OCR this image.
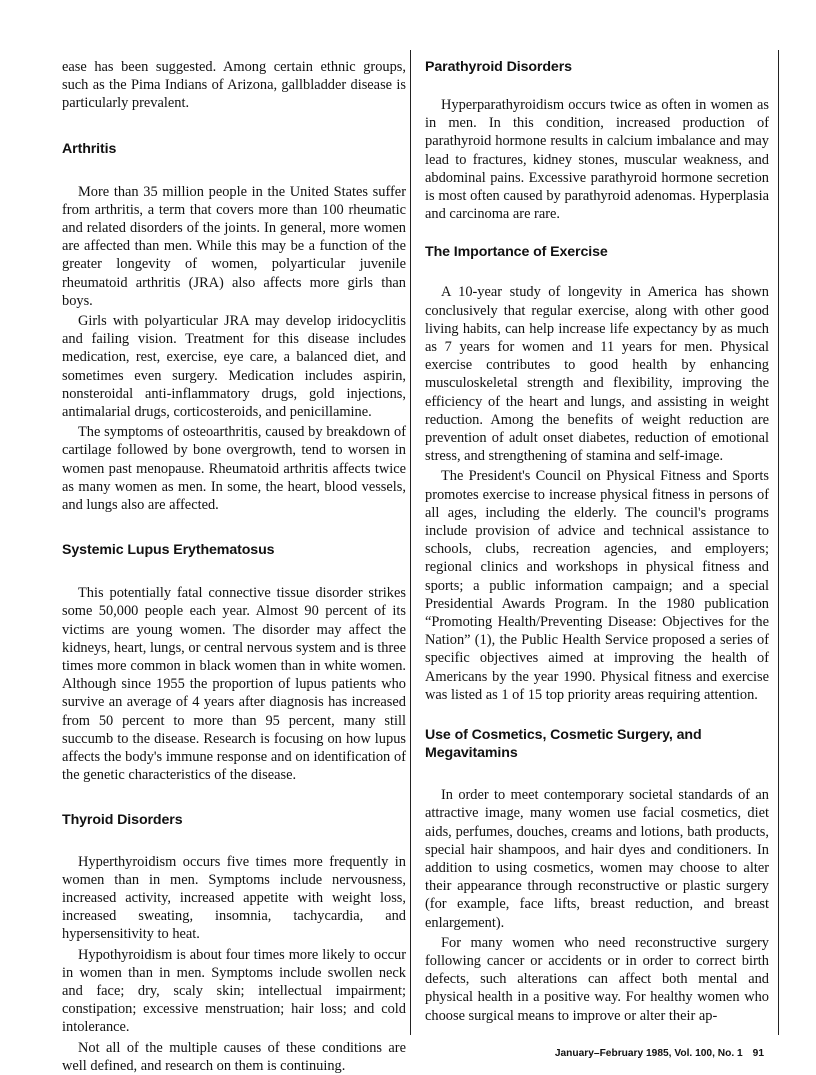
ease has been suggested. Among certain ethnic groups, such as the Pima Indians of Arizona, gallbladder disease is particularly prevalent.

Arthritis

More than 35 million people in the United States suffer from arthritis, a term that covers more than 100 rheumatic and related disorders of the joints. In general, more women are affected than men. While this may be a function of the greater longevity of women, polyarticular juvenile rheumatoid arthritis (JRA) also affects more girls than boys.

Girls with polyarticular JRA may develop iridocyclitis and failing vision. Treatment for this disease includes medication, rest, exercise, eye care, a balanced diet, and sometimes even surgery. Medication includes aspirin, nonsteroidal anti-inflammatory drugs, gold injections, antimalarial drugs, corticosteroids, and penicillamine.

The symptoms of osteoarthritis, caused by breakdown of cartilage followed by bone overgrowth, tend to worsen in women past menopause. Rheumatoid arthritis affects twice as many women as men. In some, the heart, blood vessels, and lungs also are affected.

Systemic Lupus Erythematosus

This potentially fatal connective tissue disorder strikes some 50,000 people each year. Almost 90 percent of its victims are young women. The disorder may affect the kidneys, heart, lungs, or central nervous system and is three times more common in black women than in white women. Although since 1955 the proportion of lupus patients who survive an average of 4 years after diagnosis has increased from 50 percent to more than 95 percent, many still succumb to the disease. Research is focusing on how lupus affects the body's immune response and on identification of the genetic characteristics of the disease.

Thyroid Disorders

Hyperthyroidism occurs five times more frequently in women than in men. Symptoms include nervousness, increased activity, increased appetite with weight loss, increased sweating, insomnia, tachycardia, and hypersensitivity to heat.

Hypothyroidism is about four times more likely to occur in women than in men. Symptoms include swollen neck and face; dry, scaly skin; intellectual impairment; constipation; excessive menstruation; hair loss; and cold intolerance.

Not all of the multiple causes of these conditions are well defined, and research on them is continuing.

Parathyroid Disorders

Hyperparathyroidism occurs twice as often in women as in men. In this condition, increased production of parathyroid hormone results in calcium imbalance and may lead to fractures, kidney stones, muscular weakness, and abdominal pains. Excessive parathyroid hormone secretion is most often caused by parathyroid adenomas. Hyperplasia and carcinoma are rare.

The Importance of Exercise

A 10-year study of longevity in America has shown conclusively that regular exercise, along with other good living habits, can help increase life expectancy by as much as 7 years for women and 11 years for men. Physical exercise contributes to good health by enhancing musculoskeletal strength and flexibility, improving the efficiency of the heart and lungs, and assisting in weight reduction. Among the benefits of weight reduction are prevention of adult onset diabetes, reduction of emotional stress, and strengthening of stamina and self-image.

The President's Council on Physical Fitness and Sports promotes exercise to increase physical fitness in persons of all ages, including the elderly. The council's programs include provision of advice and technical assistance to schools, clubs, recreation agencies, and employers; regional clinics and workshops in physical fitness and sports; a public information campaign; and a special Presidential Awards Program. In the 1980 publication “Promoting Health/Preventing Disease: Objectives for the Nation” (1), the Public Health Service proposed a series of specific objectives aimed at improving the health of Americans by the year 1990. Physical fitness and exercise was listed as 1 of 15 top priority areas requiring attention.

Use of Cosmetics, Cosmetic Surgery, and Megavitamins

In order to meet contemporary societal standards of an attractive image, many women use facial cosmetics, diet aids, perfumes, douches, creams and lotions, bath products, special hair shampoos, and hair dyes and conditioners. In addition to using cosmetics, women may choose to alter their appearance through reconstructive or plastic surgery (for example, face lifts, breast reduction, and breast enlargement).

For many women who need reconstructive surgery following cancer or accidents or in order to correct birth defects, such alterations can affect both mental and physical health in a positive way. For healthy women who choose surgical means to improve or alter their ap-

January–February 1985, Vol. 100, No. 1 91
